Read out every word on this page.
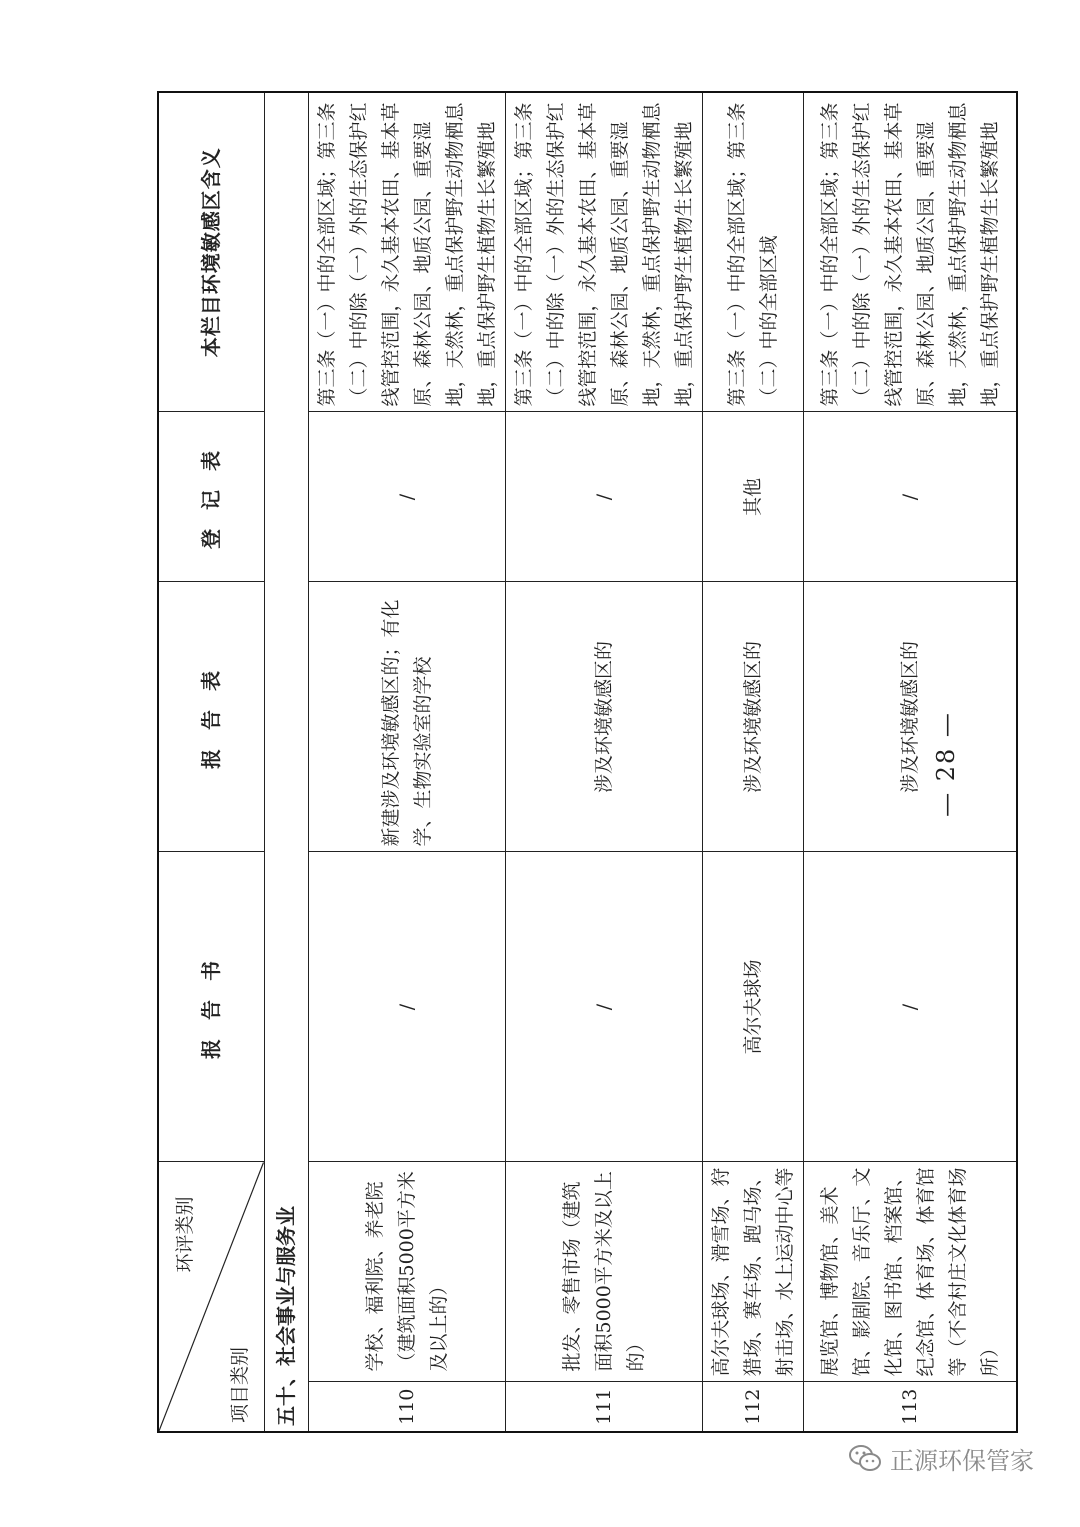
环评类别
项目类别		报 告 书	报 告 表	登 记 表	本栏目环境敏感区含义
五十、社会事业与服务业					
110	学校、福利院、养老院（建筑面积5000平方米及以上的）	/	新建涉及环境敏感区的；有化学、生物实验室的学校	/	第三条（一）中的全部区域；第三条（二）中的除（一）外的生态保护红线管控范围，永久基本农田、基本草原、森林公园、地质公园、重要湿地，天然林，重点保护野生动物栖息地，重点保护野生植物生长繁殖地
111	批发、零售市场（建筑面积5000平方米及以上的）	/	涉及环境敏感区的	/	第三条（一）中的全部区域；第三条（二）中的除（一）外的生态保护红线管控范围，永久基本农田、基本草原、森林公园、地质公园、重要湿地，天然林，重点保护野生动物栖息地，重点保护野生植物生长繁殖地
112	高尔夫球场、滑雪场、狩猎场、赛车场、跑马场、射击场、水上运动中心等	高尔夫球场	涉及环境敏感区的	其他	第三条（一）中的全部区域；第三条（二）中的全部区域
113	展览馆、博物馆、美术馆、影剧院、音乐厅、文化馆、图书馆、档案馆、纪念馆、体育场、体育馆等（不含村庄文化体育场所）	/	涉及环境敏感区的	/	第三条（一）中的全部区域；第三条（二）中的除（一）外的生态保护红线管控范围，永久基本农田、基本草原、森林公园、地质公园、重要湿地，天然林，重点保护野生动物栖息地，重点保护野生植物生长繁殖地
— 28 —
正源环保管家
